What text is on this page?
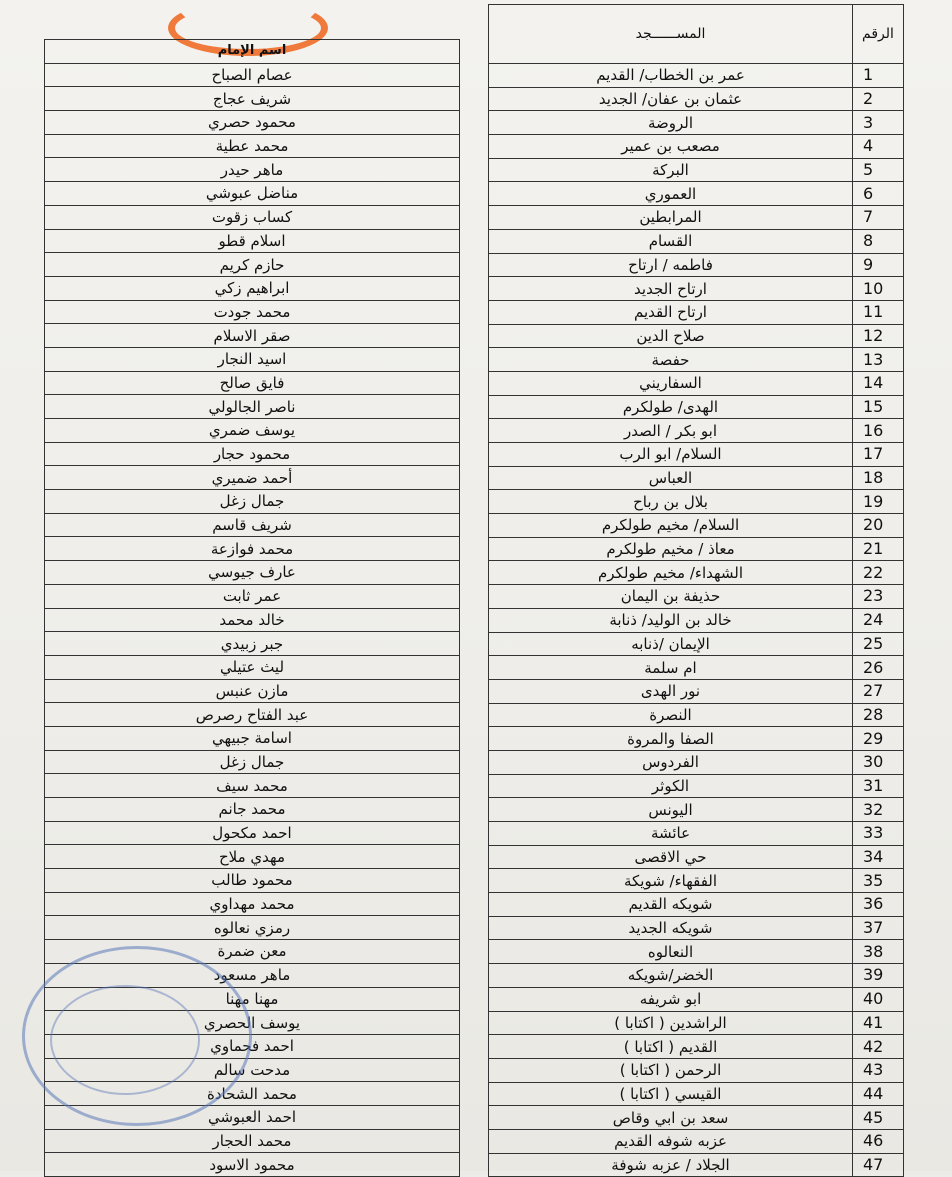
اسم الإمام
عصام الصباح
شريف عجاج
محمود حصري
محمد عطية
ماهر حيدر
مناضل عبوشي
كساب زقوت
اسلام قطو
حازم كريم
ابراهيم زكي
محمد جودت
صقر الاسلام
اسيد النجار
فايق صالح
ناصر الجالولي
يوسف ضمري
محمود حجار
أحمد ضميري
جمال زغل
شريف قاسم
محمد فوازعة
عارف جيوسي
عمر ثابت
خالد محمد
جبر زبيدي
ليث عتيلي
مازن عنبس
عبد الفتاح رصرص
اسامة جبيهي
جمال زغل
محمد سيف
محمد جانم
احمد مكحول
مهدي ملاح
محمود طالب
محمد مهداوي
رمزي نعالوه
معن ضمرة
ماهر مسعود
مهنا مهنا
يوسف الحصري
احمد فحماوي
مدحت سالم
محمد الشحادة
احمد العبوشي
محمد الحجار
محمود الاسود
المســــــجد	الرقم
عمر بن الخطاب/ القديم	1
عثمان بن عفان/ الجديد	2
الروضة	3
مصعب بن عمير	4
البركة	5
العموري	6
المرابطين	7
القسام	8
فاطمه / ارتاح	9
ارتاح الجديد	10
ارتاح القديم	11
صلاح الدين	12
حفصة	13
السفاريني	14
الهدى/ طولكرم	15
ابو بكر / الصدر	16
السلام/ ابو الرب	17
العباس	18
بلال بن رباح	19
السلام/ مخيم طولكرم	20
معاذ / مخيم طولكرم	21
الشهداء/ مخيم طولكرم	22
حذيفة بن اليمان	23
خالد بن الوليد/ ذنابة	24
الإيمان /ذنابه	25
ام سلمة	26
نور الهدى	27
النصرة	28
الصفا والمروة	29
الفردوس	30
الكوثر	31
اليونس	32
عائشة	33
حي الاقصى	34
الفقهاء/ شويكة	35
شويكه القديم	36
شويكه الجديد	37
النعالوه	38
الخضر/شويكه	39
ابو شريفه	40
الراشدين ( اكتابا )	41
القديم ( اكتابا )	42
الرحمن ( اكتابا )	43
القيسي ( اكتابا )	44
سعد بن ابي وقاص	45
عزبه شوفه القديم	46
الجلاد / عزبه شوفة	47
